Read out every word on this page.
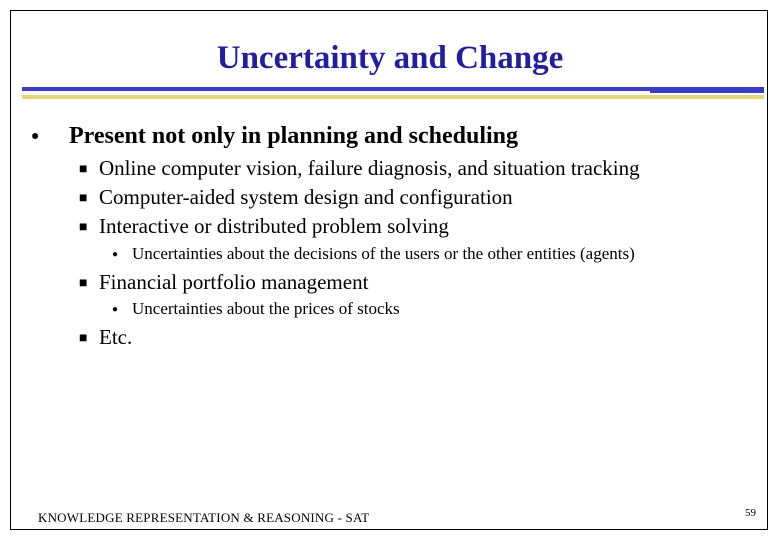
Uncertainty and Change
● Present not only in planning and scheduling
■ Online computer vision, failure diagnosis, and situation tracking
■ Computer-aided system design and configuration
■ Interactive or distributed problem solving
● Uncertainties about the decisions of the users or the other entities (agents)
■ Financial portfolio management
● Uncertainties about the prices of stocks
■ Etc.
KNOWLEDGE REPRESENTATION & REASONING - SAT	59
